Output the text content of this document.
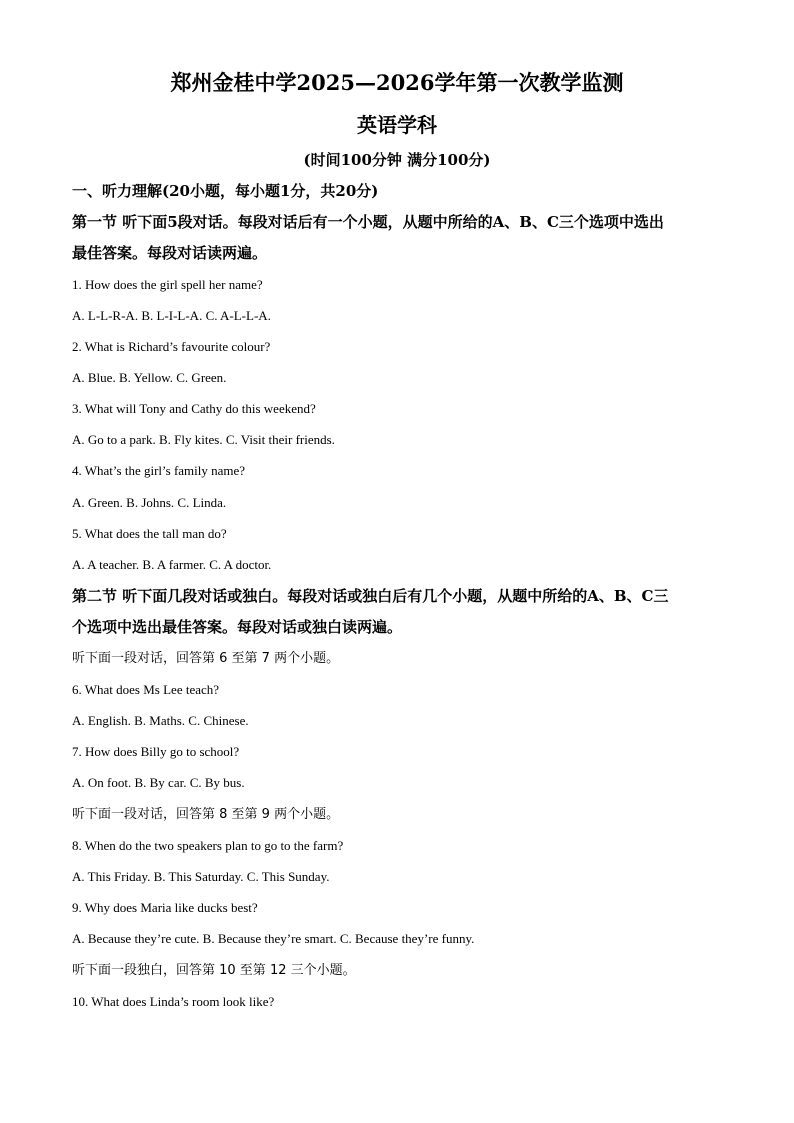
郑州金桂中学2025—2026学年第一次教学监测
英语学科
(时间100分钟 满分100分)
一、听力理解(20小题，每小题1分，共20分)
第一节 听下面5段对话。每段对话后有一个小题，从题中所给的A、B、C三个选项中选出
最佳答案。每段对话读两遍。
1. How does the girl spell her name?
A. L-L-R-A. B. L-I-L-A. C. A-L-L-A.
2. What is Richard’s favourite colour?
A. Blue. B. Yellow. C. Green.
3. What will Tony and Cathy do this weekend?
A. Go to a park. B. Fly kites. C. Visit their friends.
4. What’s the girl’s family name?
A. Green. B. Johns. C. Linda.
5. What does the tall man do?
A. A teacher. B. A farmer. C. A doctor.
第二节 听下面几段对话或独白。每段对话或独白后有几个小题，从题中所给的A、B、C三
个选项中选出最佳答案。每段对话或独白读两遍。
听下面一段对话，回答第 6 至第 7 两个小题。
6. What does Ms Lee teach?
A. English. B. Maths. C. Chinese.
7. How does Billy go to school?
A. On foot. B. By car. C. By bus.
听下面一段对话，回答第 8 至第 9 两个小题。
8. When do the two speakers plan to go to the farm?
A. This Friday. B. This Saturday. C. This Sunday.
9. Why does Maria like ducks best?
A. Because they’re cute. B. Because they’re smart. C. Because they’re funny.
听下面一段独白，回答第 10 至第 12 三个小题。
10. What does Linda’s room look like?
